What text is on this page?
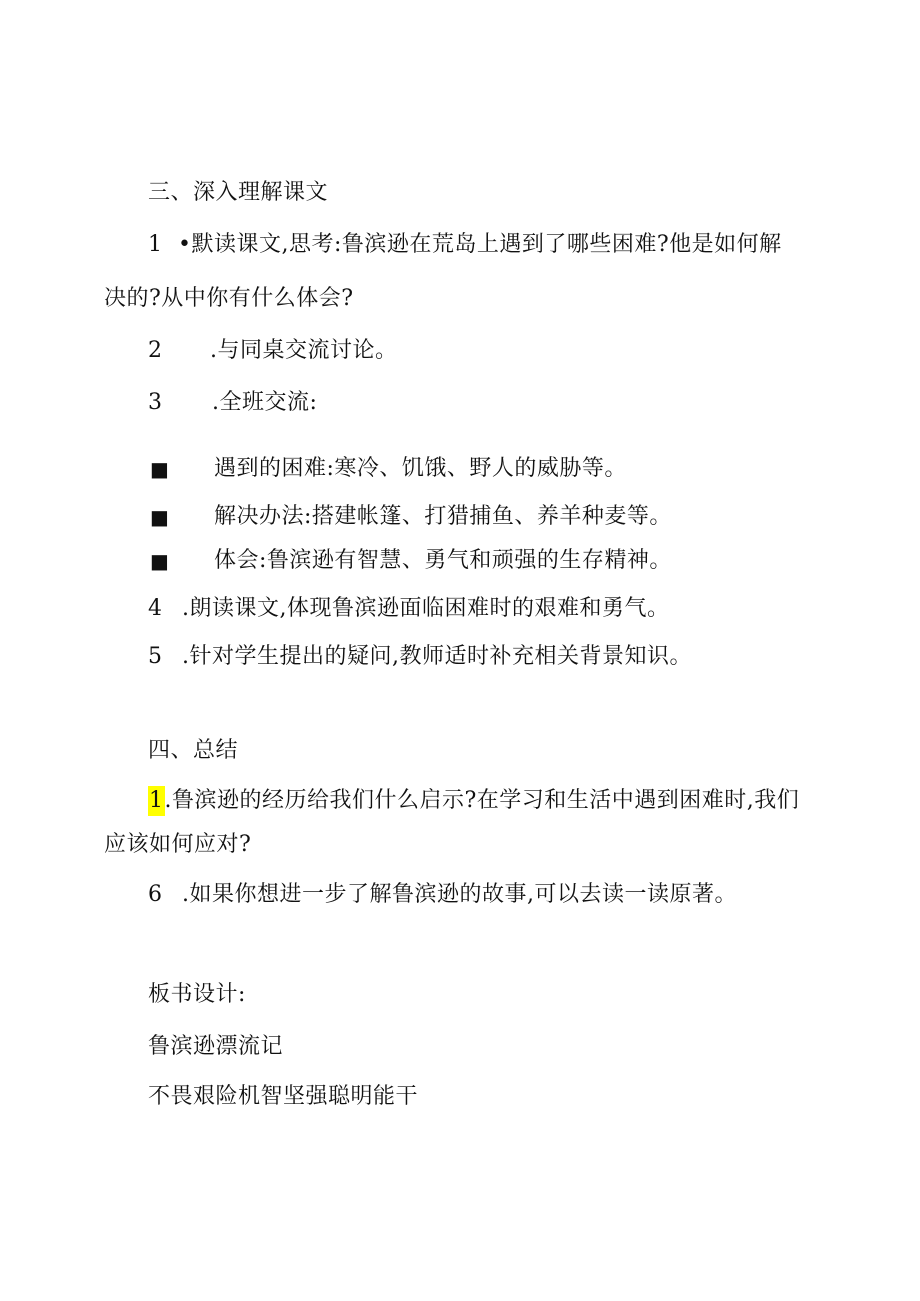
三、深入理解课文
1 •默读课文,思考:鲁滨逊在荒岛上遇到了哪些困难?他是如何解
决的?从中你有什么体会?
2 .与同桌交流讨论。
3 .全班交流:
■ 遇到的困难:寒冷、饥饿、野人的威胁等。
■ 解决办法:搭建帐篷、打猎捕鱼、养羊种麦等。
■ 体会:鲁滨逊有智慧、勇气和顽强的生存精神。
4 .朗读课文,体现鲁滨逊面临困难时的艰难和勇气。
5 .针对学生提出的疑问,教师适时补充相关背景知识。
四、总结
1.鲁滨逊的经历给我们什么启示?在学习和生活中遇到困难时,我们
应该如何应对?
6 .如果你想进一步了解鲁滨逊的故事,可以去读一读原著。
板书设计:
鲁滨逊漂流记
不畏艰险机智坚强聪明能干
